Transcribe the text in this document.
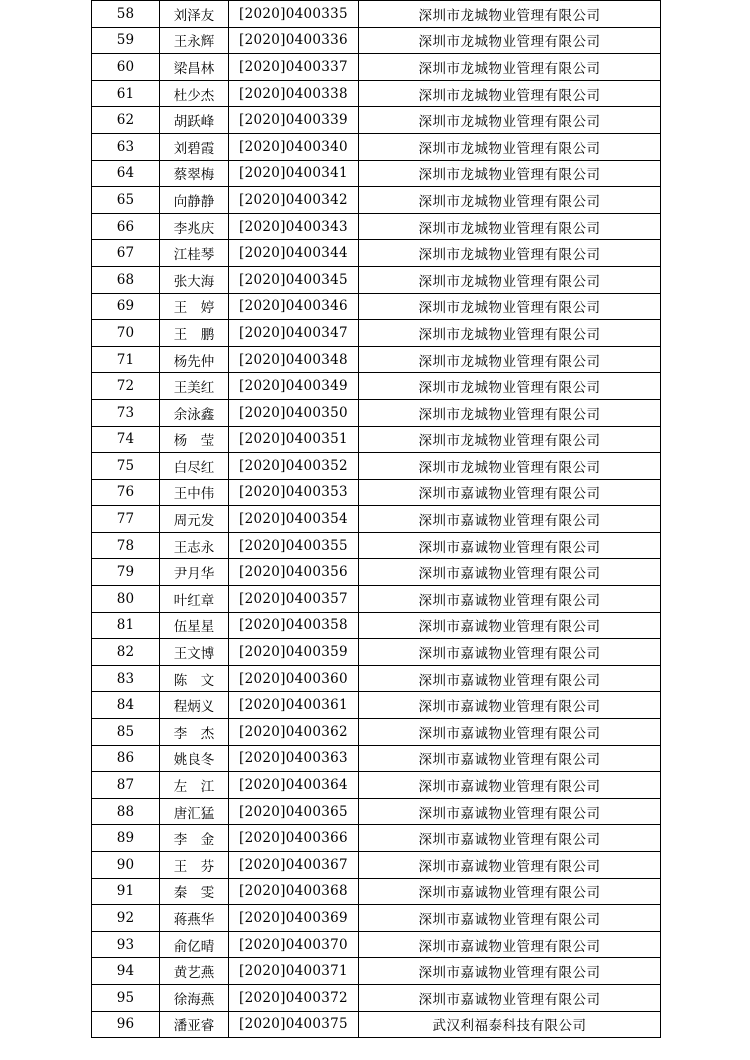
58	刘泽友	[2020]0400335	深圳市龙城物业管理有限公司
59	王永辉	[2020]0400336	深圳市龙城物业管理有限公司
60	梁昌林	[2020]0400337	深圳市龙城物业管理有限公司
61	杜少杰	[2020]0400338	深圳市龙城物业管理有限公司
62	胡跃峰	[2020]0400339	深圳市龙城物业管理有限公司
63	刘碧霞	[2020]0400340	深圳市龙城物业管理有限公司
64	蔡翠梅	[2020]0400341	深圳市龙城物业管理有限公司
65	向静静	[2020]0400342	深圳市龙城物业管理有限公司
66	李兆庆	[2020]0400343	深圳市龙城物业管理有限公司
67	江桂琴	[2020]0400344	深圳市龙城物业管理有限公司
68	张大海	[2020]0400345	深圳市龙城物业管理有限公司
69	王　婷	[2020]0400346	深圳市龙城物业管理有限公司
70	王　鹏	[2020]0400347	深圳市龙城物业管理有限公司
71	杨先仲	[2020]0400348	深圳市龙城物业管理有限公司
72	王美红	[2020]0400349	深圳市龙城物业管理有限公司
73	余泳鑫	[2020]0400350	深圳市龙城物业管理有限公司
74	杨　莹	[2020]0400351	深圳市龙城物业管理有限公司
75	白尽红	[2020]0400352	深圳市龙城物业管理有限公司
76	王中伟	[2020]0400353	深圳市嘉诚物业管理有限公司
77	周元发	[2020]0400354	深圳市嘉诚物业管理有限公司
78	王志永	[2020]0400355	深圳市嘉诚物业管理有限公司
79	尹月华	[2020]0400356	深圳市嘉诚物业管理有限公司
80	叶红章	[2020]0400357	深圳市嘉诚物业管理有限公司
81	伍星星	[2020]0400358	深圳市嘉诚物业管理有限公司
82	王文博	[2020]0400359	深圳市嘉诚物业管理有限公司
83	陈　文	[2020]0400360	深圳市嘉诚物业管理有限公司
84	程炳义	[2020]0400361	深圳市嘉诚物业管理有限公司
85	李　杰	[2020]0400362	深圳市嘉诚物业管理有限公司
86	姚良冬	[2020]0400363	深圳市嘉诚物业管理有限公司
87	左　江	[2020]0400364	深圳市嘉诚物业管理有限公司
88	唐汇猛	[2020]0400365	深圳市嘉诚物业管理有限公司
89	李　金	[2020]0400366	深圳市嘉诚物业管理有限公司
90	王　芬	[2020]0400367	深圳市嘉诚物业管理有限公司
91	秦　雯	[2020]0400368	深圳市嘉诚物业管理有限公司
92	蒋燕华	[2020]0400369	深圳市嘉诚物业管理有限公司
93	俞亿晴	[2020]0400370	深圳市嘉诚物业管理有限公司
94	黄艺燕	[2020]0400371	深圳市嘉诚物业管理有限公司
95	徐海燕	[2020]0400372	深圳市嘉诚物业管理有限公司
96	潘亚睿	[2020]0400375	武汉利福泰科技有限公司
